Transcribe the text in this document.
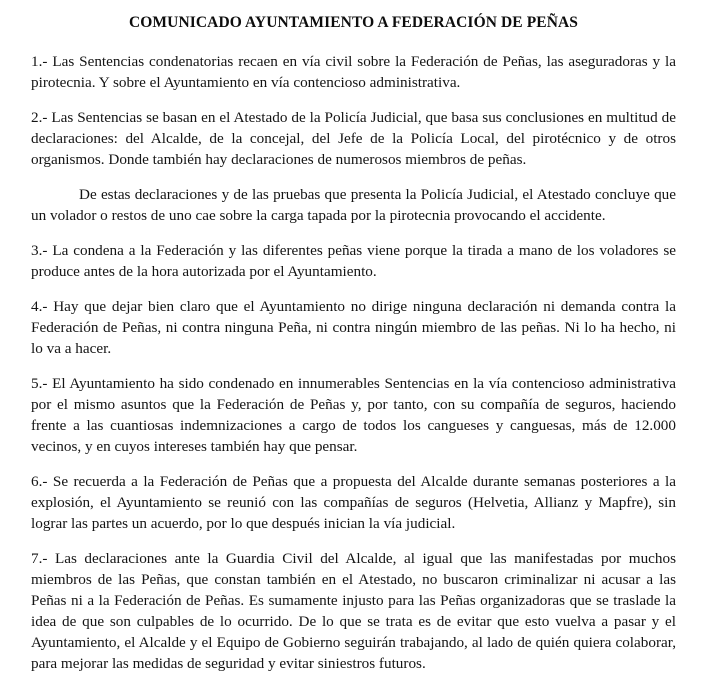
COMUNICADO AYUNTAMIENTO A FEDERACIÓN DE PEÑAS

1.- Las Sentencias condenatorias recaen en vía civil sobre la Federación de Peñas, las aseguradoras y la pirotecnia. Y sobre el Ayuntamiento en vía contencioso administrativa.

2.- Las Sentencias se basan en el Atestado de la Policía Judicial, que basa sus conclusiones en multitud de declaraciones: del Alcalde, de la concejal, del Jefe de la Policía Local, del pirotécnico y de otros organismos. Donde también hay declaraciones de numerosos miembros de peñas.

De estas declaraciones y de las pruebas que presenta la Policía Judicial, el Atestado concluye que un volador o restos de uno cae sobre la carga tapada por la pirotecnia provocando el accidente.

3.- La condena a la Federación y las diferentes peñas viene porque la tirada a mano de los voladores se produce antes de la hora autorizada por el Ayuntamiento.

4.- Hay que dejar bien claro que el Ayuntamiento no dirige ninguna declaración ni demanda contra la Federación de Peñas, ni contra ninguna Peña, ni contra ningún miembro de las peñas. Ni lo ha hecho, ni lo va a hacer.

5.- El Ayuntamiento ha sido condenado en innumerables Sentencias en la vía contencioso administrativa por el mismo asuntos que la Federación de Peñas y, por tanto, con su compañía de seguros, haciendo frente a las cuantiosas indemnizaciones a cargo de todos los cangueses y canguesas, más de 12.000 vecinos, y en cuyos intereses también hay que pensar.

6.- Se recuerda a la Federación de Peñas que a propuesta del Alcalde durante semanas posteriores a la explosión, el Ayuntamiento se reunió con las compañías de seguros (Helvetia, Allianz y Mapfre), sin lograr las partes un acuerdo, por lo que después inician la vía judicial.

7.- Las declaraciones ante la Guardia Civil del Alcalde, al igual que las manifestadas por muchos miembros de las Peñas, que constan también en el Atestado, no buscaron criminalizar ni acusar a las Peñas ni a la Federación de Peñas. Es sumamente injusto para las Peñas organizadoras que se traslade la idea de que son culpables de lo ocurrido. De lo que se trata es de evitar que esto vuelva a pasar y el Ayuntamiento, el Alcalde y el Equipo de Gobierno seguirán trabajando, al lado de quién quiera colaborar, para mejorar las medidas de seguridad y evitar siniestros futuros.
